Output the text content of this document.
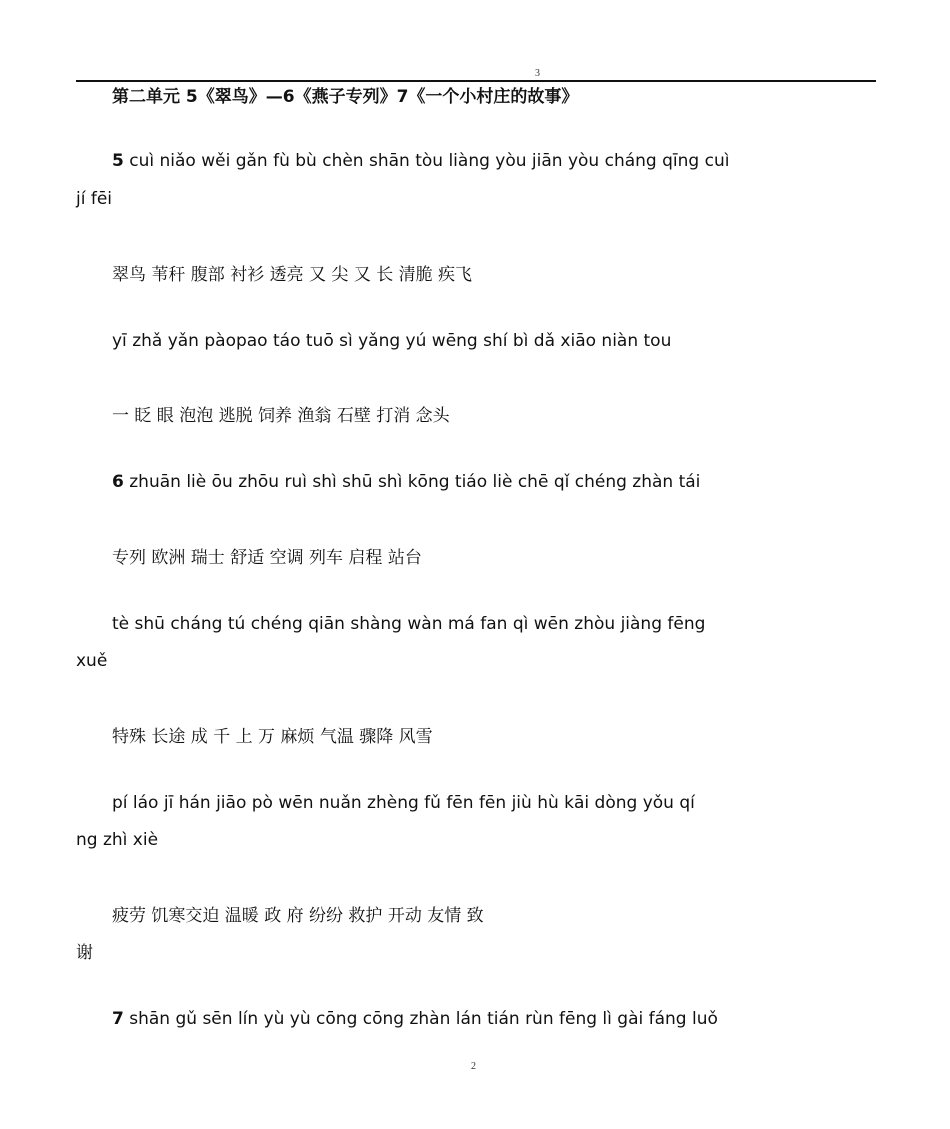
3
第二单元 5《翠鸟》—6《燕子专列》7《一个小村庄的故事》
5 cuì niǎo wěi gǎn fù bù chèn shān tòu liàng yòu jiān yòu cháng qīng cuì
jí fēi
翠鸟 苇秆 腹部 衬衫 透亮 又 尖 又 长 清脆 疾飞
yī zhǎ yǎn pàopao táo tuō sì yǎng yú wēng shí bì dǎ xiāo niàn tou
一 眨 眼 泡泡 逃脱 饲养 渔翁 石壁 打消 念头
6 zhuān liè ōu zhōu ruì shì shū shì kōng tiáo liè chē qǐ chéng zhàn tái
专列 欧洲 瑞士 舒适 空调 列车 启程 站台
tè shū cháng tú chéng qiān shàng wàn má fan qì wēn zhòu jiàng fēng
xuě
特殊 长途 成 千 上 万 麻烦 气温 骤降 风雪
pí láo jī hán jiāo pò wēn nuǎn zhèng fǔ fēn fēn jiù hù kāi dòng yǒu qí
ng zhì xiè
疲劳 饥寒交迫 温暖 政 府 纷纷 救护 开动 友情 致
谢
7 shān gǔ sēn lín yù yù cōng cōng zhàn lán tián rùn fēng lì gài fáng luǒ
2
